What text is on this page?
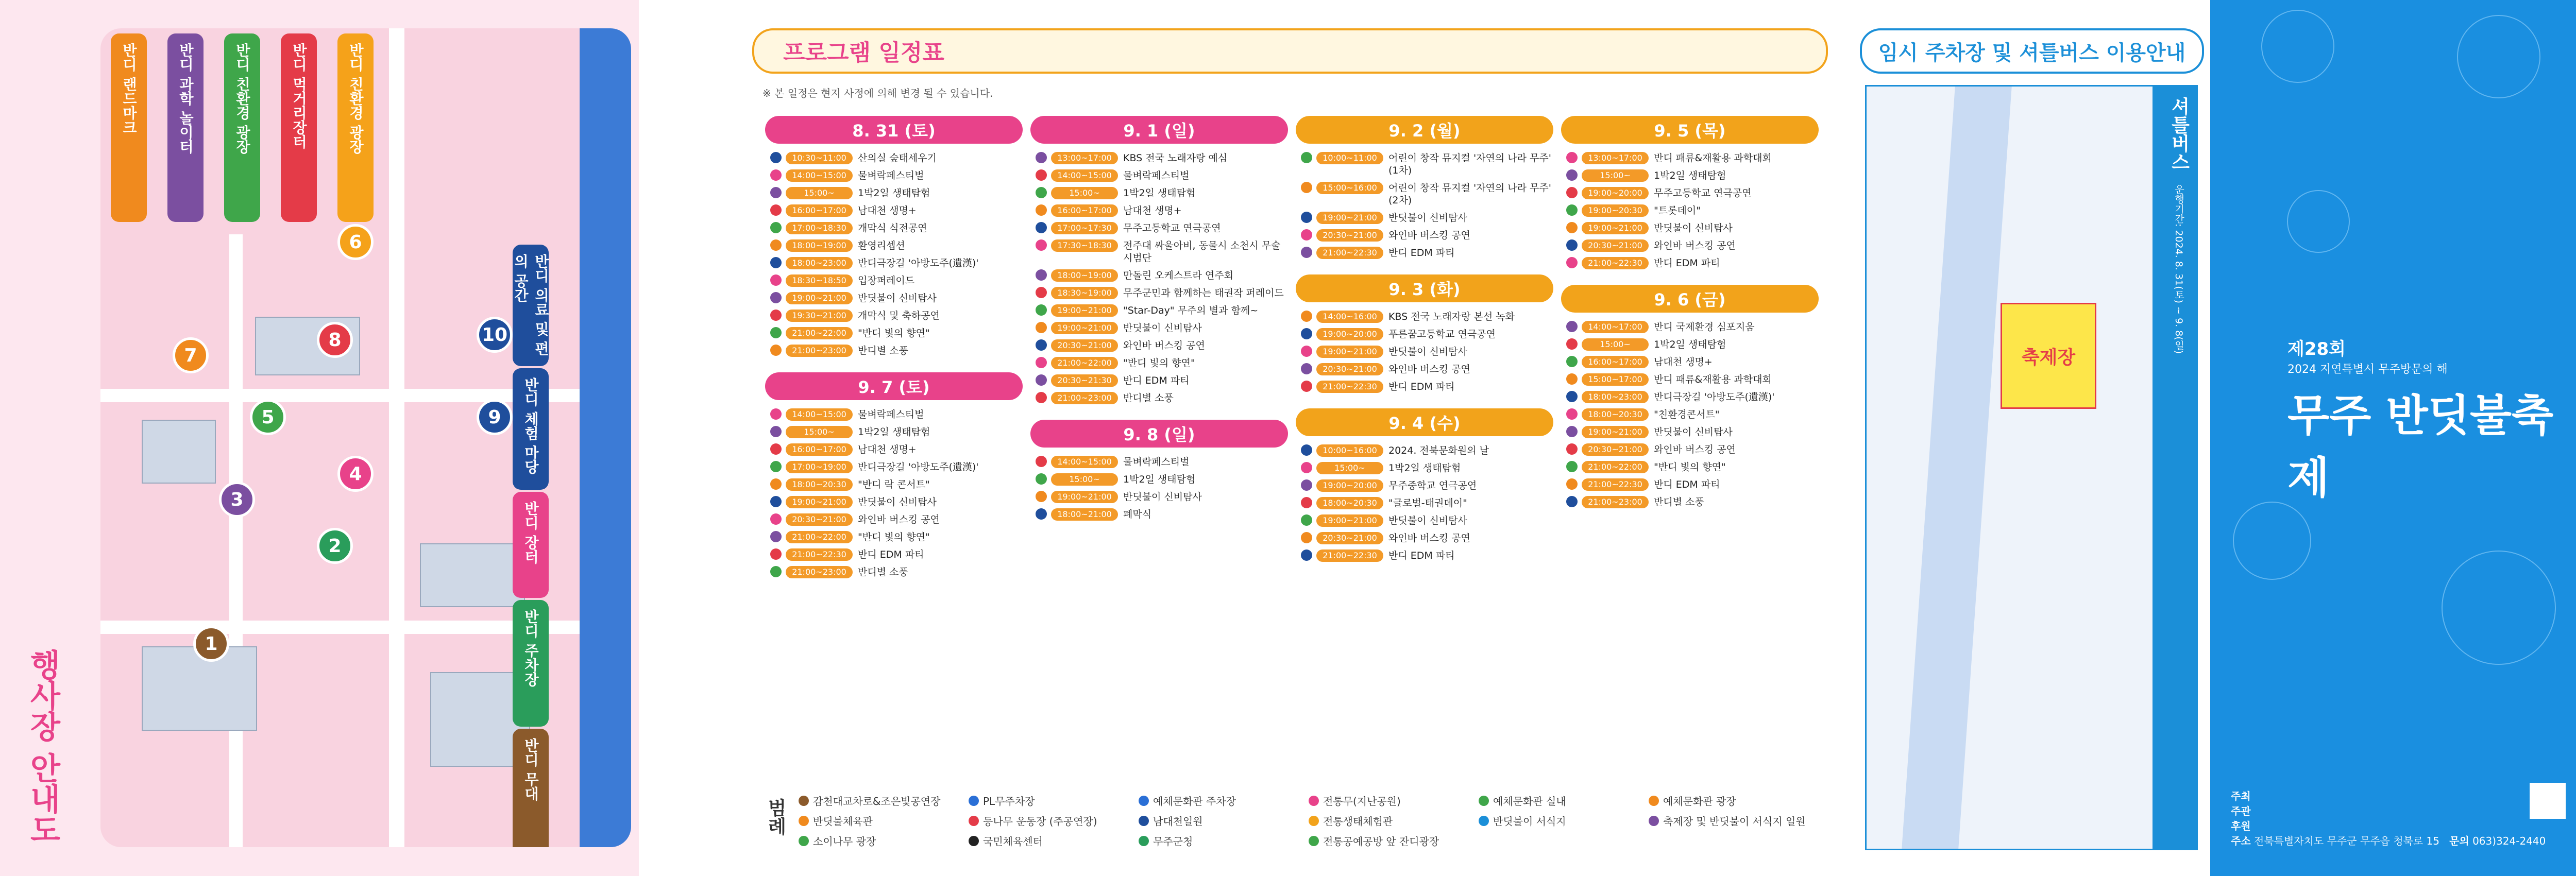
반디 랜드마크	반디 과학 놀이터	반디 친환경 광장	반디 먹거리장터	반디 친환경 광장
반디 의료 및 편의 공간
반디 체험 마당
반디 장터
반디 주차장
반디 무대
7
3
5
8
6
10
9
4
2
1
행사장 안내도
프로그램 일정표
※ 본 일정은 현지 사정에 의해 변경 될 수 있습니다.
8. 31 (토)
10:30~11:00	산의실 숲태세우기
14:00~15:00	물벼락페스티벌
15:00~	1박2일 생태탐험
16:00~17:00	남대천 생명+
17:00~18:30	개막식 식전공연
18:00~19:00	환영리셉션
18:00~23:00	반디극장길 '아방도주(遺漢)'
18:30~18:50	입장퍼레이드
19:00~21:00	반딧불이 신비탐사
19:30~21:00	개막식 및 축하공연
21:00~22:00	"반디 빛의 향연"
21:00~23:00	반디별 소풍
9. 7 (토)
14:00~15:00	물벼락페스티벌
15:00~	1박2일 생태탐험
16:00~17:00	남대천 생명+
17:00~19:00	반디극장길 '아방도주(遺漢)'
18:00~20:30	"반디 락 콘서트"
19:00~21:00	반딧불이 신비탐사
20:30~21:00	와인바 버스킹 공연
21:00~22:00	"반디 빛의 향연"
21:00~22:30	반디 EDM 파티
21:00~23:00	반디별 소풍
9. 1 (일)
13:00~17:00	KBS 전국 노래자랑 예심
14:00~15:00	물벼락페스티벌
15:00~	1박2일 생태탐험
16:00~17:00	남대천 생명+
17:00~17:30	무주고등학교 연극공연
17:30~18:30	전주대 싸울아비, 동물시 소천시 무술 시범단
18:00~19:00	만돌린 오케스트라 연주회
18:30~19:00	무주군민과 함께하는 태권작 퍼레이드
19:00~21:00	"Star-Day" 무주의 별과 함께~
19:00~21:00	반딧불이 신비탐사
20:30~21:00	와인바 버스킹 공연
21:00~22:00	"반디 빛의 향연"
20:30~21:30	반디 EDM 파티
21:00~23:00	반디별 소풍
9. 8 (일)
14:00~15:00	물벼락페스티벌
15:00~	1박2일 생태탐험
19:00~21:00	반딧불이 신비탐사
18:00~21:00	폐막식
9. 2 (월)
10:00~11:00	어린이 창작 뮤지컬 '자연의 나라 무주' (1차)
15:00~16:00	어린이 창작 뮤지컬 '자연의 나라 무주' (2차)
19:00~21:00	반딧불이 신비탐사
20:30~21:00	와인바 버스킹 공연
21:00~22:30	반디 EDM 파티
9. 3 (화)
14:00~16:00	KBS 전국 노래자랑 본선 녹화
19:00~20:00	푸른꿈고등학교 연극공연
19:00~21:00	반딧불이 신비탐사
20:30~21:00	와인바 버스킹 공연
21:00~22:30	반디 EDM 파티
9. 4 (수)
10:00~16:00	2024. 전북문화원의 날
15:00~	1박2일 생태탐험
19:00~20:00	무주중학교 연극공연
18:00~20:30	"글로벌-태권데이"
19:00~21:00	반딧불이 신비탐사
20:30~21:00	와인바 버스킹 공연
21:00~22:30	반디 EDM 파티
9. 5 (목)
13:00~17:00	반디 패류&재활용 과학대회
15:00~	1박2일 생태탐험
19:00~20:00	무주고등학교 연극공연
19:00~20:30	"트롯데이"
19:00~21:00	반딧불이 신비탐사
20:30~21:00	와인바 버스킹 공연
21:00~22:30	반디 EDM 파티
9. 6 (금)
14:00~17:00	반디 국제환경 심포지움
15:00~	1박2일 생태탐험
16:00~17:00	남대천 생명+
15:00~17:00	반디 패류&재활용 과학대회
18:00~23:00	반디극장길 '아방도주(遺漢)'
18:00~20:30	"친환경콘서트"
19:00~21:00	반딧불이 신비탐사
20:30~21:00	와인바 버스킹 공연
21:00~22:00	"반디 빛의 향연"
21:00~22:30	반디 EDM 파티
21:00~23:00	반디별 소풍
범례	감천대교차로&조은빛공연장	PL무주차장	예체문화관 주차장	전통무(지난공원)	예체문화관 실내	예체문화관 광장
반딧불체육관	등나무 운동장 (주공연장)	남대천일원	전통생태체험관	반딧불이 서식지	축제장 및 반딧불이 서식지 일원
소이나무 광장	국민체육센터	무주군청	전통공예공방 앞 잔디광장
임시 주차장 및 셔틀버스 이용안내
축제장
셔틀버스 운행기간: 2024. 8. 31(토) ~ 9. 8(일)	제28회
2024 지연특별시 무주방문의 해
무주 반딧불축제
주최
주관
후원
주소 전북특별자치도 무주군 무주읍 청북로 15 문의 063)324-2440
